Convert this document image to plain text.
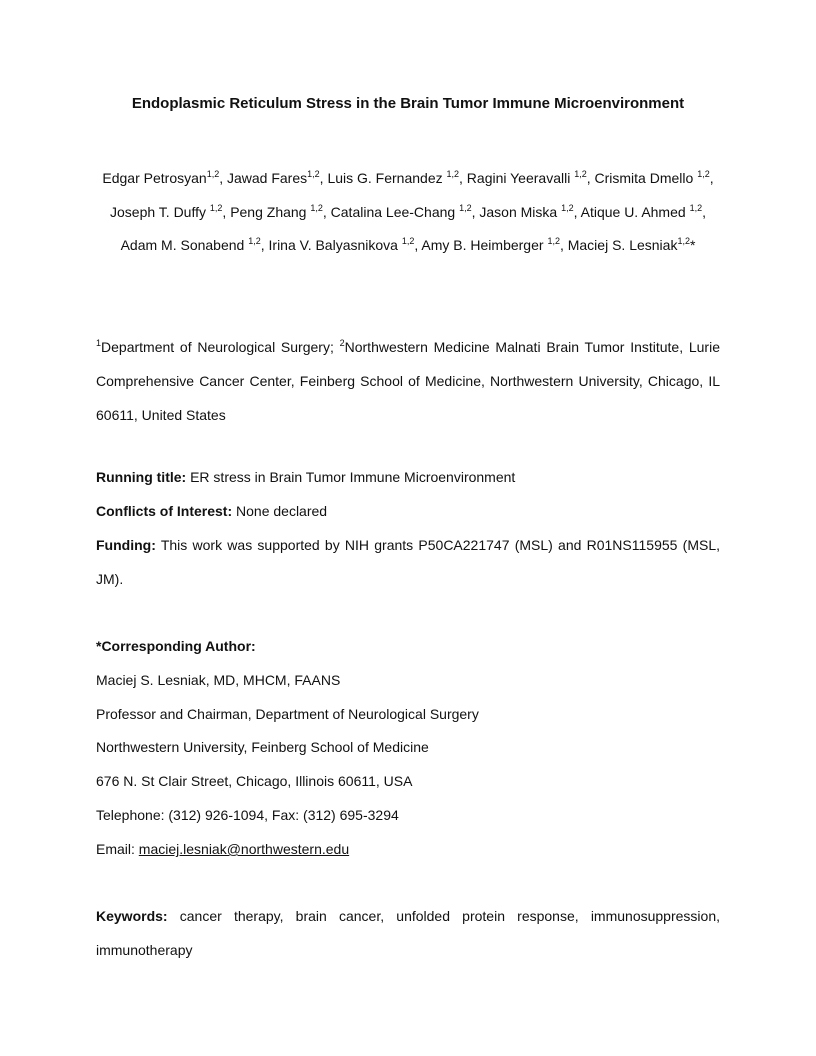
Endoplasmic Reticulum Stress in the Brain Tumor Immune Microenvironment
Edgar Petrosyan$^{1,2}$, Jawad Fares$^{1,2}$, Luis G. Fernandez $^{1,2}$, Ragini Yeeravalli $^{1,2}$, Crismita Dmello $^{1,2}$, Joseph T. Duffy $^{1,2}$, Peng Zhang $^{1,2}$, Catalina Lee-Chang $^{1,2}$, Jason Miska $^{1,2}$, Atique U. Ahmed $^{1,2}$, Adam M. Sonabend $^{1,2}$, Irina V. Balyasnikova $^{1,2}$, Amy B. Heimberger $^{1,2}$, Maciej S. Lesniak$^{1,2}$*
$^1$Department of Neurological Surgery; $^2$Northwestern Medicine Malnati Brain Tumor Institute, Lurie Comprehensive Cancer Center, Feinberg School of Medicine, Northwestern University, Chicago, IL 60611, United States
Running title: ER stress in Brain Tumor Immune Microenvironment
Conflicts of Interest: None declared
Funding: This work was supported by NIH grants P50CA221747 (MSL) and R01NS115955 (MSL, JM).
*Corresponding Author:
Maciej S. Lesniak, MD, MHCM, FAANS
Professor and Chairman, Department of Neurological Surgery
Northwestern University, Feinberg School of Medicine
676 N. St Clair Street, Chicago, Illinois 60611, USA
Telephone: (312) 926-1094, Fax: (312) 695-3294
Email: maciej.lesniak@northwestern.edu
Keywords: cancer therapy, brain cancer, unfolded protein response, immunosuppression, immunotherapy
